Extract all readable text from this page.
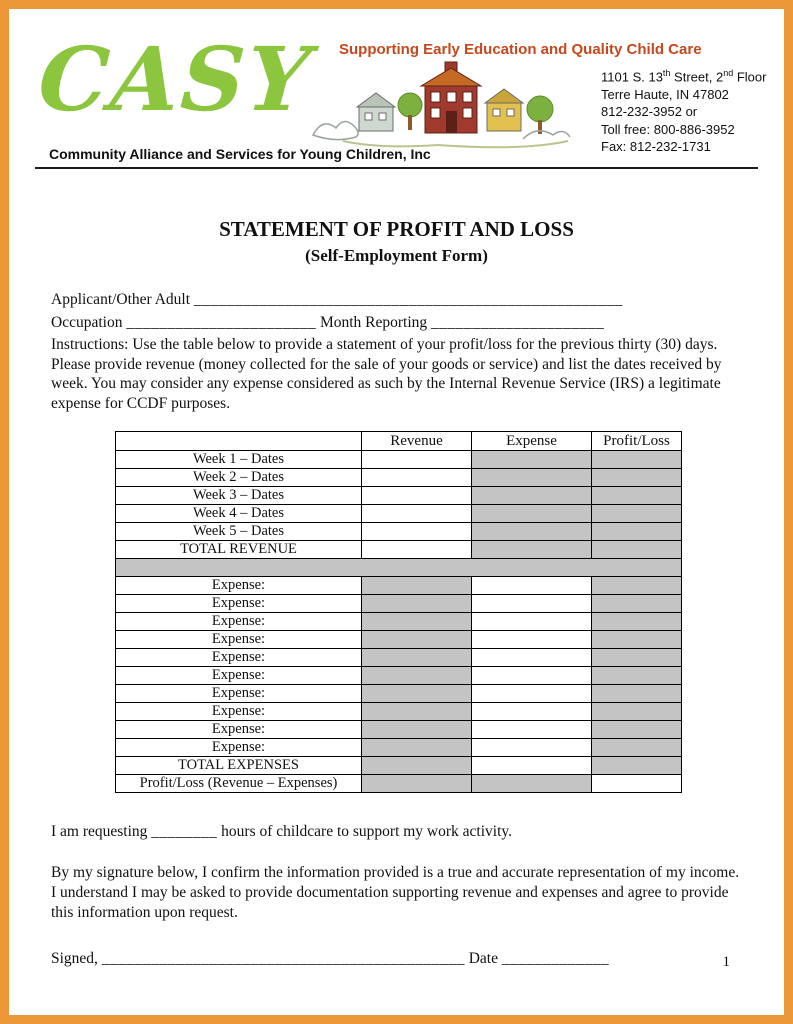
Supporting Early Education and Quality Child Care
CASY	1101 S. 13th Street, 2nd Floor
Terre Haute, IN 47802
812-232-3952 or
Toll free: 800-886-3952
Fax: 812-232-1731
Community Alliance and Services for Young Children, Inc
STATEMENT OF PROFIT AND LOSS
(Self-Employment Form)

Applicant/Other Adult ____________________________________________________

Occupation _______________________ Month Reporting _____________________

Instructions: Use the table below to provide a statement of your profit/loss for the previous thirty (30) days. Please provide revenue (money collected for the sale of your goods or service) and list the dates received by week. You may consider any expense considered as such by the Internal Revenue Service (IRS) a legitimate expense for CCDF purposes.

	Revenue	Expense	Profit/Loss
Week 1 – Dates			
Week 2 – Dates			
Week 3 – Dates			
Week 4 – Dates			
Week 5 – Dates			
TOTAL REVENUE			

Expense:			
Expense:			
Expense:			
Expense:			
Expense:			
Expense:			
Expense:			
Expense:			
Expense:			
Expense:			
TOTAL EXPENSES			
Profit/Loss (Revenue – Expenses)			

I am requesting ________ hours of childcare to support my work activity.

By my signature below, I confirm the information provided is a true and accurate representation of my income. I understand I may be asked to provide documentation supporting revenue and expenses and agree to provide this information upon request.

Signed, ____________________________________________ Date _____________	1
